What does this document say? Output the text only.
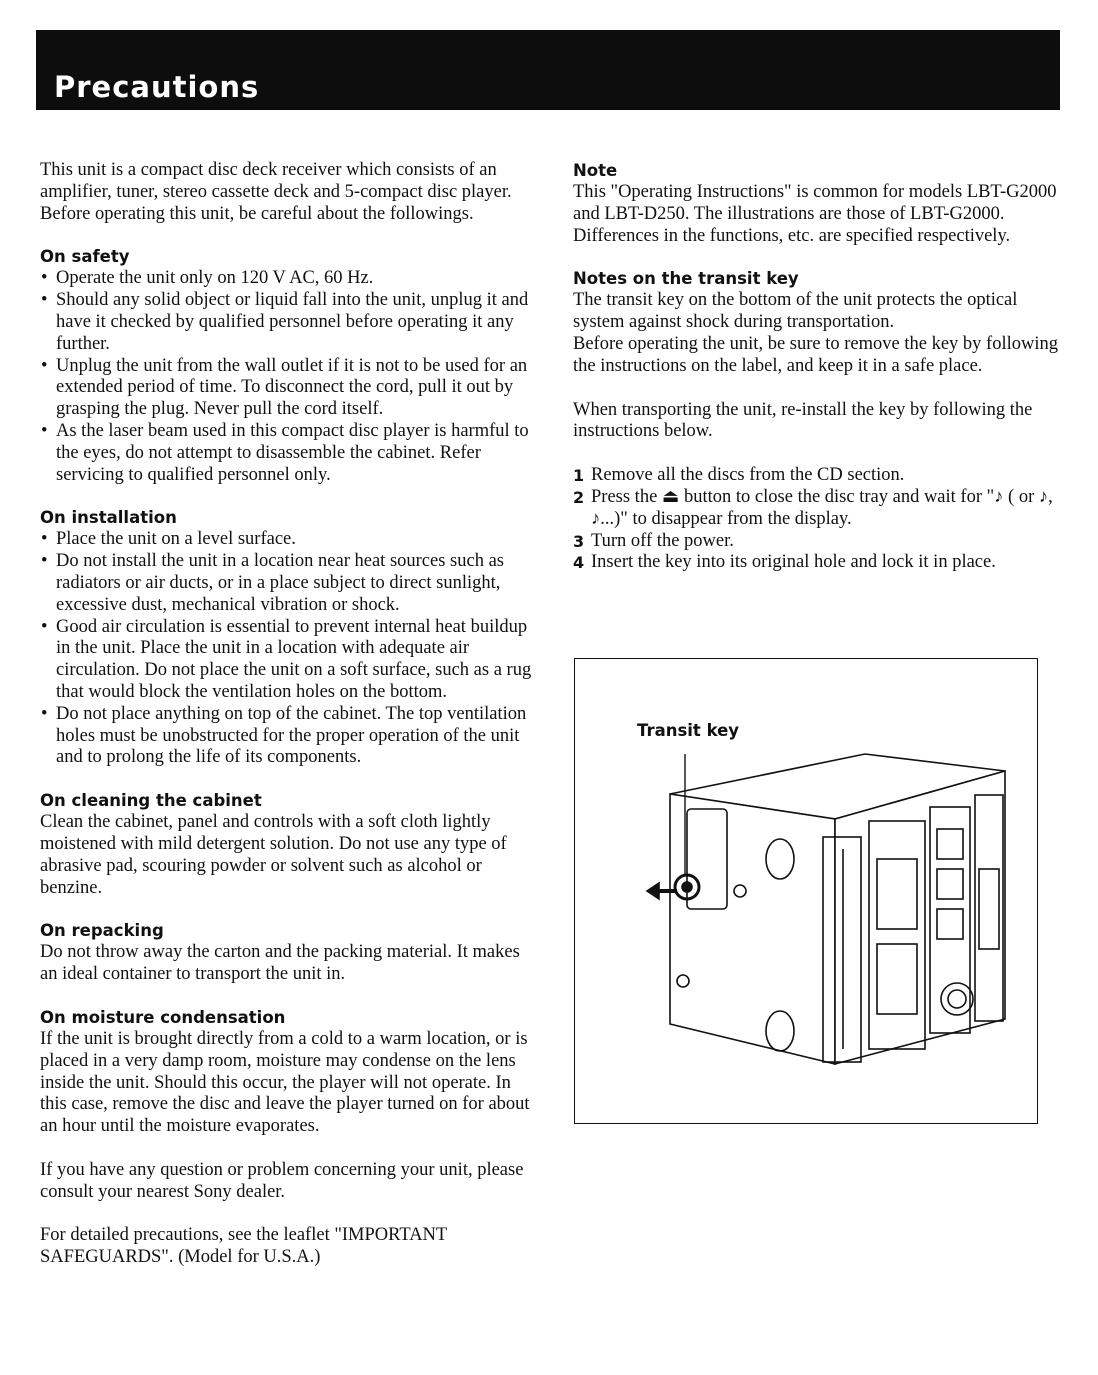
Precautions

This unit is a compact disc deck receiver which consists of an amplifier, tuner, stereo cassette deck and 5-compact disc player.

Before operating this unit, be careful about the followings.

On safety
• Operate the unit only on 120 V AC, 60 Hz.
• Should any solid object or liquid fall into the unit, unplug it and have it checked by qualified personnel before operating it any further.
• Unplug the unit from the wall outlet if it is not to be used for an extended period of time. To disconnect the cord, pull it out by grasping the plug. Never pull the cord itself.
• As the laser beam used in this compact disc player is harmful to the eyes, do not attempt to disassemble the cabinet. Refer servicing to qualified personnel only.
On installation
• Place the unit on a level surface.
• Do not install the unit in a location near heat sources such as radiators or air ducts, or in a place subject to direct sunlight, excessive dust, mechanical vibration or shock.
• Good air circulation is essential to prevent internal heat buildup in the unit. Place the unit in a location with adequate air circulation. Do not place the unit on a soft surface, such as a rug that would block the ventilation holes on the bottom.
• Do not place anything on top of the cabinet. The top ventilation holes must be unobstructed for the proper operation of the unit and to prolong the life of its components.
On cleaning the cabinet

Clean the cabinet, panel and controls with a soft cloth lightly moistened with mild detergent solution. Do not use any type of abrasive pad, scouring powder or solvent such as alcohol or benzine.

On repacking

Do not throw away the carton and the packing material. It makes an ideal container to transport the unit in.

On moisture condensation

If the unit is brought directly from a cold to a warm location, or is placed in a very damp room, moisture may condense on the lens inside the unit. Should this occur, the player will not operate. In this case, remove the disc and leave the player turned on for about an hour until the moisture evaporates.

If you have any question or problem concerning your unit, please consult your nearest Sony dealer.

For detailed precautions, see the leaflet "IMPORTANT SAFEGUARDS". (Model for U.S.A.)

Note

This "Operating Instructions" is common for models LBT-G2000 and LBT-D250. The illustrations are those of LBT-G2000.

Differences in the functions, etc. are specified respectively.

Notes on the transit key

The transit key on the bottom of the unit protects the optical system against shock during transportation.

Before operating the unit, be sure to remove the key by following the instructions on the label, and keep it in a safe place.

When transporting the unit, re-install the key by following the instructions below.

1 Remove all the discs from the CD section.
2 Press the ⏏ button to close the disc tray and wait for "♪ ( or ♪, ♪...)" to disappear from the display.
3 Turn off the power.
4 Insert the key into its original hole and lock it in place.
Transit key
